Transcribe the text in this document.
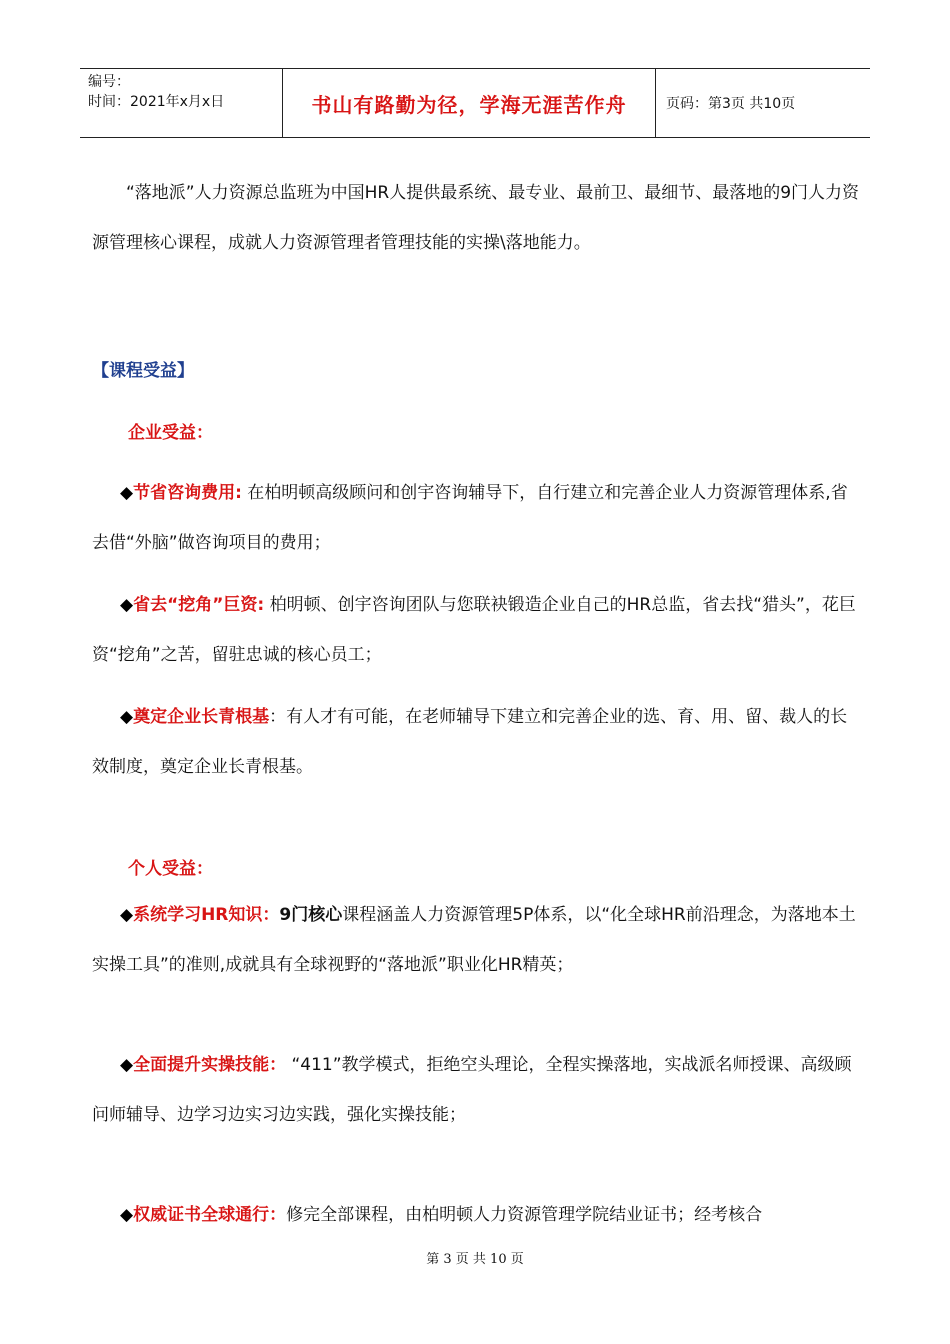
编号：
时间：2021年x月x日	书山有路勤为径，学海无涯苦作舟	页码：第3页 共10页

“落地派”人力资源总监班为中国HR人提供最系统、最专业、最前卫、最细节、最落地的9门人力资源管理核心课程，成就人力资源管理者管理技能的实操\落地能力。

【课程受益】

企业受益：

◆节省咨询费用: 在柏明顿高级顾问和创宇咨询辅导下，自行建立和完善企业人力资源管理体系,省去借“外脑”做咨询项目的费用；

◆省去“挖角”巨资: 柏明顿、创宇咨询团队与您联袂锻造企业自己的HR总监，省去找“猎头”，花巨资“挖角”之苦，留驻忠诚的核心员工；

◆奠定企业长青根基：有人才有可能，在老师辅导下建立和完善企业的选、育、用、留、裁人的长效制度，奠定企业长青根基。

个人受益：

◆系统学习HR知识：9门核心课程涵盖人力资源管理5P体系，以“化全球HR前沿理念，为落地本土实操工具”的准则,成就具有全球视野的“落地派”职业化HR精英；

◆全面提升实操技能： “411”教学模式，拒绝空头理论，全程实操落地，实战派名师授课、高级顾问师辅导、边学习边实习边实践，强化实操技能；

◆权威证书全球通行：修完全部课程，由柏明顿人力资源管理学院结业证书；经考核合

第 3 页 共 10 页
